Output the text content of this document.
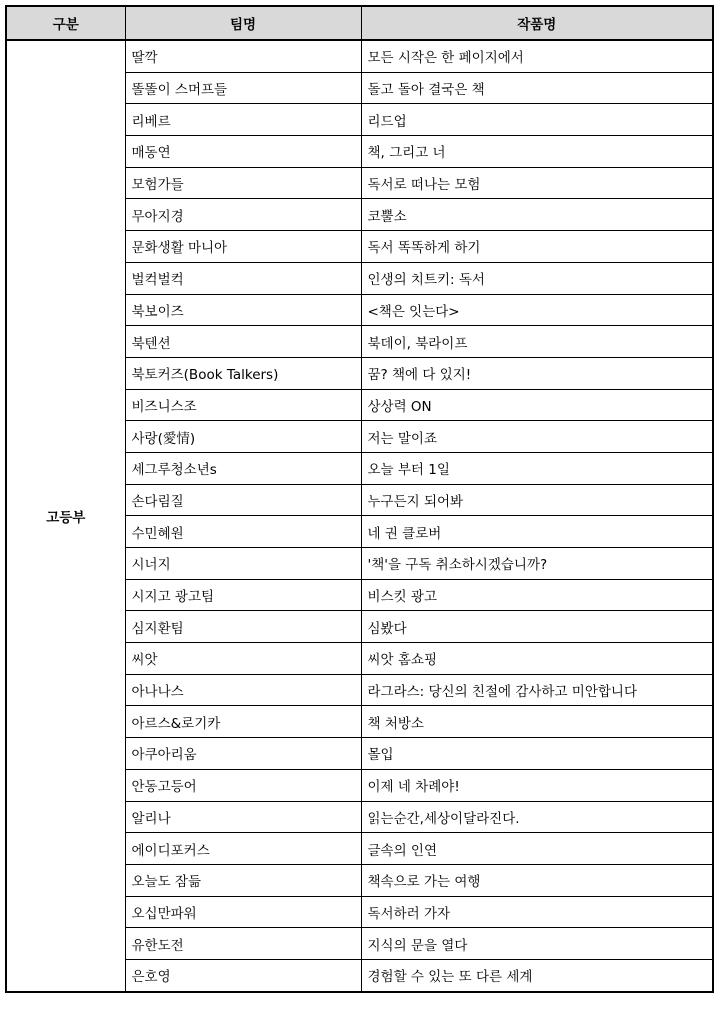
구분	팀명	작품명
고등부	딸깍	모든 시작은 한 페이지에서
	똘똘이 스머프들	돌고 돌아 결국은 책
	리베르	리드업
	매동연	책, 그리고 너
	모험가들	독서로 떠나는 모험
	무아지경	코뿔소
	문화생활 마니아	독서 똑똑하게 하기
	벌컥벌컥	인생의 치트키: 독서
	북보이즈	<책은 잇는다>
	북텐션	북데이, 북라이프
	북토커즈(Book Talkers)	꿈? 책에 다 있지!
	비즈니스조	상상력 ON
	사랑(愛情)	저는 말이죠
	세그루청소년s	오늘 부터 1일
	손다림질	누구든지 되어봐
	수민혜원	네 권 클로버
	시너지	'책'을 구독 취소하시겠습니까?
	시지고 광고팀	비스킷 광고
	심지환팀	심봤다
	씨앗	씨앗 홈쇼핑
	아나나스	라그라스: 당신의 친절에 감사하고 미안합니다
	아르스&로기카	책 처방소
	아쿠아리움	몰입
	안동고등어	이제 네 차례야!
	알리나	읽는순간,세상이달라진다.
	에이디포커스	글속의 인연
	오늘도 잠듦	책속으로 가는 여행
	오십만파워	독서하러 가자
	유한도전	지식의 문을 열다
	은호영	경험할 수 있는 또 다른 세계
